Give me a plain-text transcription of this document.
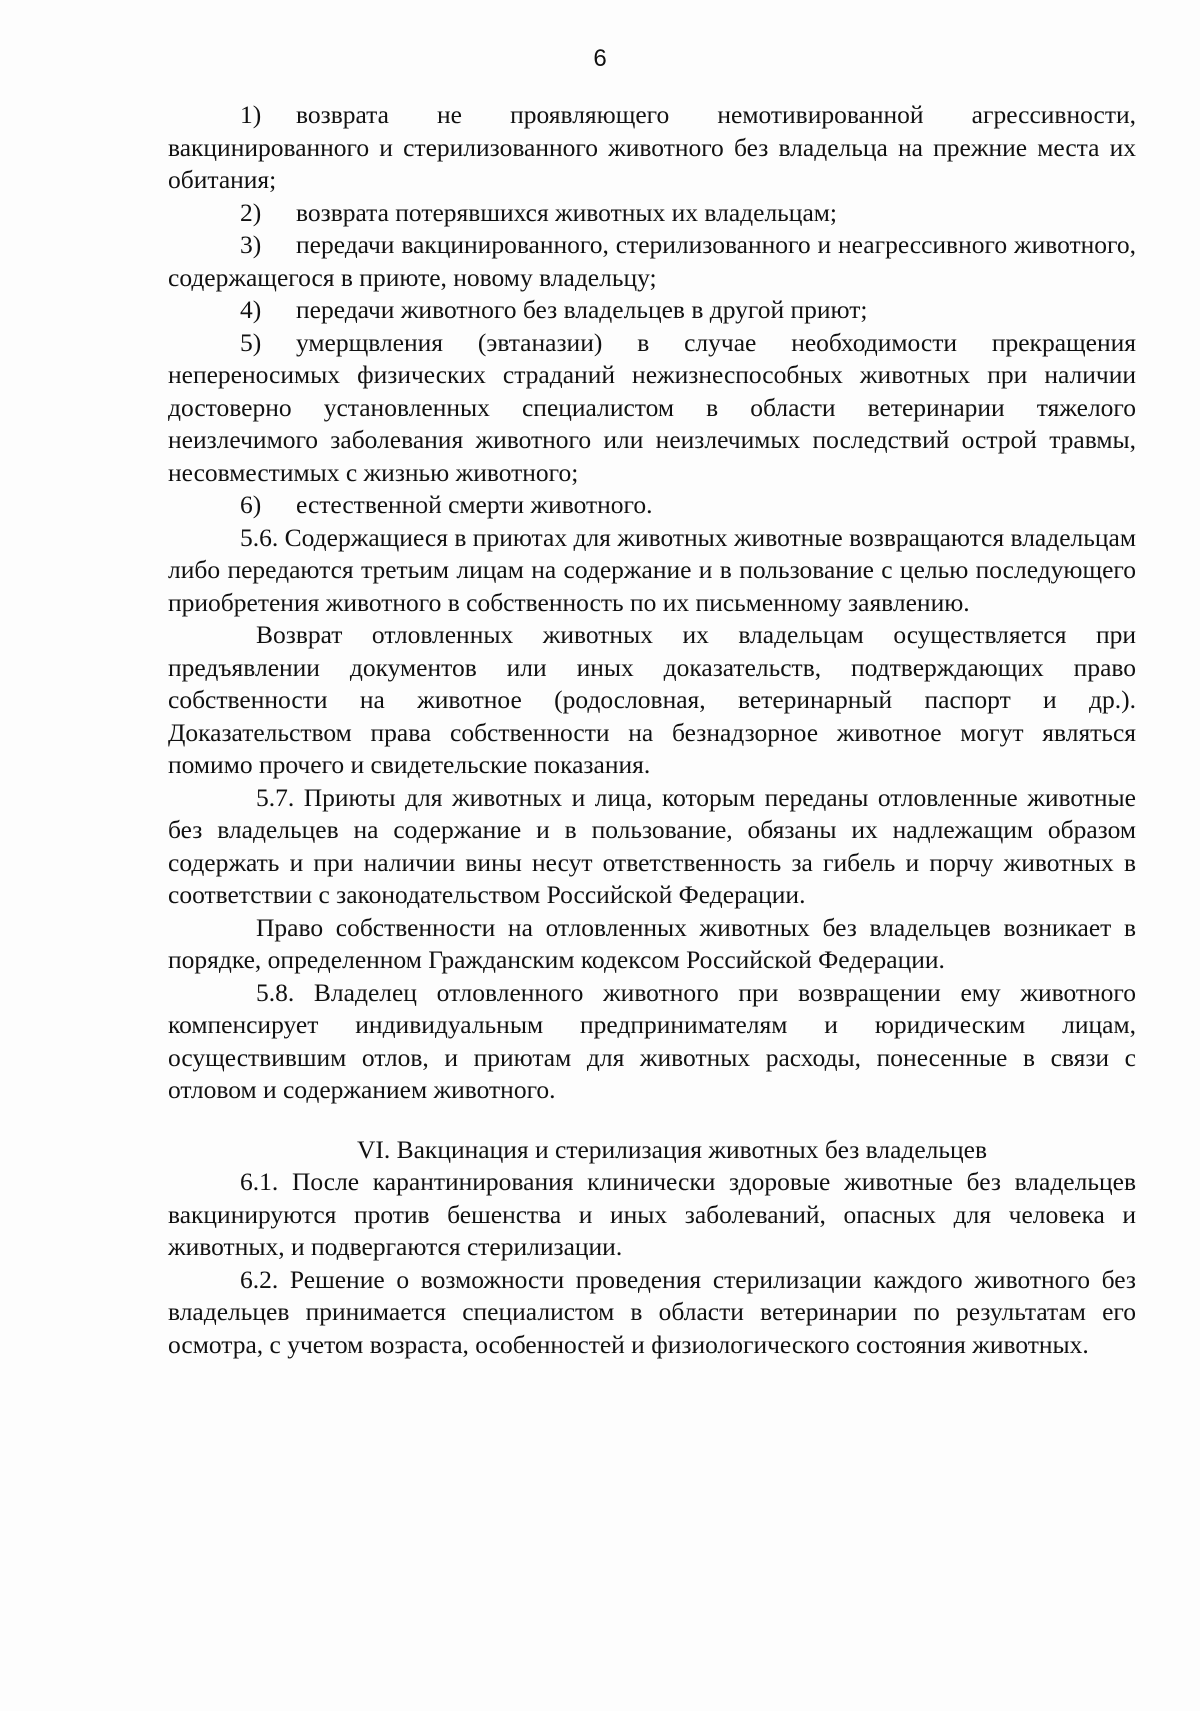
6

1) возврата не проявляющего немотивированной агрессивности, вакцинированного и стерилизованного животного без владельца на прежние места их обитания;

2) возврата потерявшихся животных их владельцам;

3) передачи вакцинированного, стерилизованного и неагрессивного животного, содержащегося в приюте, новому владельцу;

4) передачи животного без владельцев в другой приют;

5) умерщвления (эвтаназии) в случае необходимости прекращения непереносимых физических страданий нежизнеспособных животных при наличии достоверно установленных специалистом в области ветеринарии тяжелого неизлечимого заболевания животного или неизлечимых последствий острой травмы, несовместимых с жизнью животного;

6) естественной смерти животного.

5.6. Содержащиеся в приютах для животных животные возвращаются владельцам либо передаются третьим лицам на содержание и в пользование с целью последующего приобретения животного в собственность по их письменному заявлению.

Возврат отловленных животных их владельцам осуществляется при предъявлении документов или иных доказательств, подтверждающих право собственности на животное (родословная, ветеринарный паспорт и др.). Доказательством права собственности на безнадзорное животное могут являться помимо прочего и свидетельские показания.

5.7. Приюты для животных и лица, которым переданы отловленные животные без владельцев на содержание и в пользование, обязаны их надлежащим образом содержать и при наличии вины несут ответственность за гибель и порчу животных в соответствии с законодательством Российской Федерации.

Право собственности на отловленных животных без владельцев возникает в порядке, определенном Гражданским кодексом Российской Федерации.

5.8. Владелец отловленного животного при возвращении ему животного компенсирует индивидуальным предпринимателям и юридическим лицам, осуществившим отлов, и приютам для животных расходы, понесенные в связи с отловом и содержанием животного.

VI. Вакцинация и стерилизация животных без владельцев

6.1. После карантинирования клинически здоровые животные без владельцев вакцинируются против бешенства и иных заболеваний, опасных для человека и животных, и подвергаются стерилизации.

6.2. Решение о возможности проведения стерилизации каждого животного без владельцев принимается специалистом в области ветеринарии по результатам его осмотра, с учетом возраста, особенностей и физиологического состояния животных.
